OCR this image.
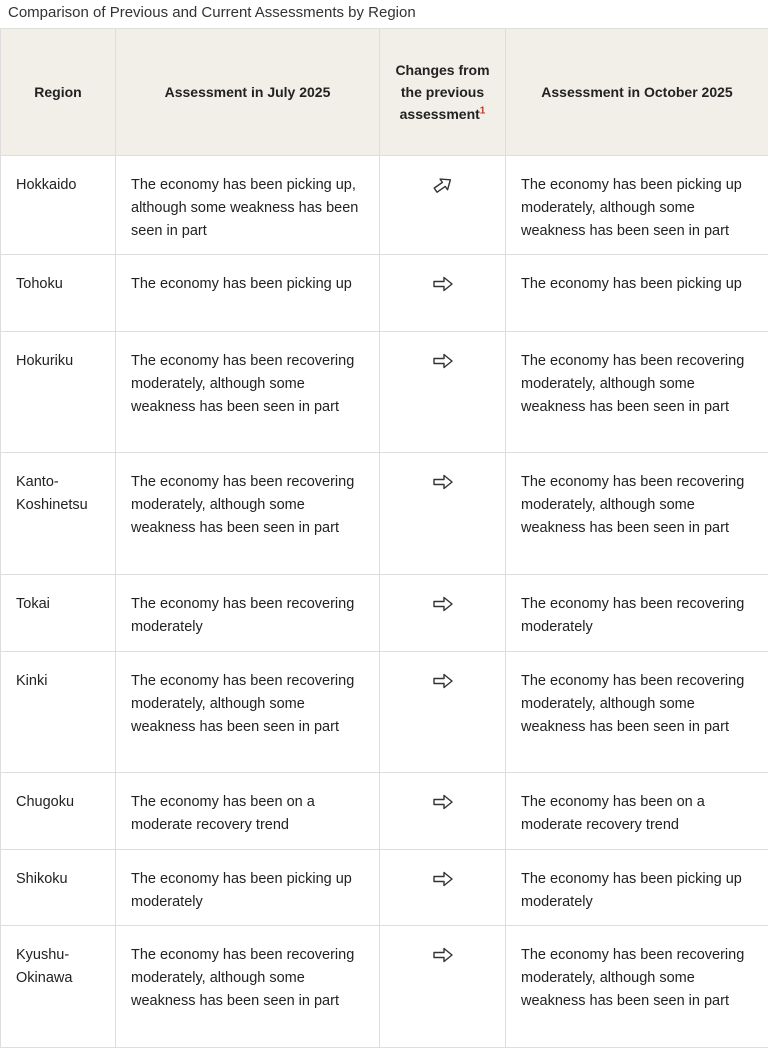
Comparison of Previous and Current Assessments by Region
Region	Assessment in July 2025	Changes from the previous assessment$^1$	Assessment in October 2025
Hokkaido	The economy has been picking up, although some weakness has been seen in part		The economy has been picking up moderately, although some weakness has been seen in part
Tohoku	The economy has been picking up		The economy has been picking up
Hokuriku	The economy has been recovering moderately, although some weakness has been seen in part		The economy has been recovering moderately, although some weakness has been seen in part
Kanto-Koshinetsu	The economy has been recovering moderately, although some weakness has been seen in part		The economy has been recovering moderately, although some weakness has been seen in part
Tokai	The economy has been recovering moderately		The economy has been recovering moderately
Kinki	The economy has been recovering moderately, although some weakness has been seen in part		The economy has been recovering moderately, although some weakness has been seen in part
Chugoku	The economy has been on a moderate recovery trend		The economy has been on a moderate recovery trend
Shikoku	The economy has been picking up moderately		The economy has been picking up moderately
Kyushu-Okinawa	The economy has been recovering moderately, although some weakness has been seen in part		The economy has been recovering moderately, although some weakness has been seen in part
